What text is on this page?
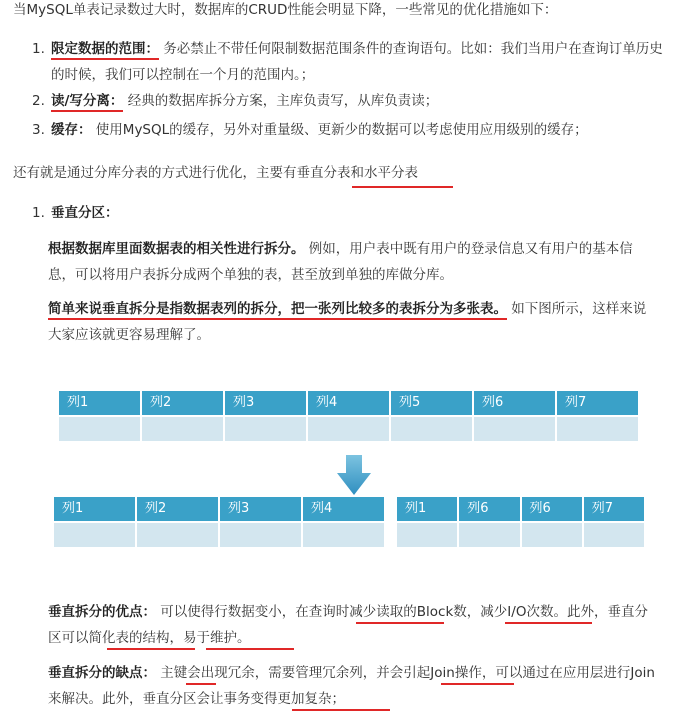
当MySQL单表记录数过大时，数据库的CRUD性能会明显下降，一些常见的优化措施如下：
1. 限定数据的范围： 务必禁止不带任何限制数据范围条件的查询语句。比如：我们当用户在查询订单历史的时候，我们可以控制在一个月的范围内。；
2. 读/写分离： 经典的数据库拆分方案，主库负责写，从库负责读；
3. 缓存： 使用MySQL的缓存，另外对重量级、更新少的数据可以考虑使用应用级别的缓存；
还有就是通过分库分表的方式进行优化，主要有垂直分表和水平分表
1. 垂直分区：
根据数据库里面数据表的相关性进行拆分。 例如，用户表中既有用户的登录信息又有用户的基本信息，可以将用户表拆分成两个单独的表，甚至放到单独的库做分库。
简单来说垂直拆分是指数据表列的拆分，把一张列比较多的表拆分为多张表。 如下图所示，这样来说大家应该就更容易理解了。
列1	列2	列3	列4	列5	列6	列7
列1	列2	列3	列4	列1	列6	列6	列7
垂直拆分的优点： 可以使得行数据变小，在查询时减少读取的Block数，减少I/O次数。此外，垂直分区可以简化表的结构，易于维护。
垂直拆分的缺点： 主键会出现冗余，需要管理冗余列，并会引起Join操作，可以通过在应用层进行Join来解决。此外，垂直分区会让事务变得更加复杂；
